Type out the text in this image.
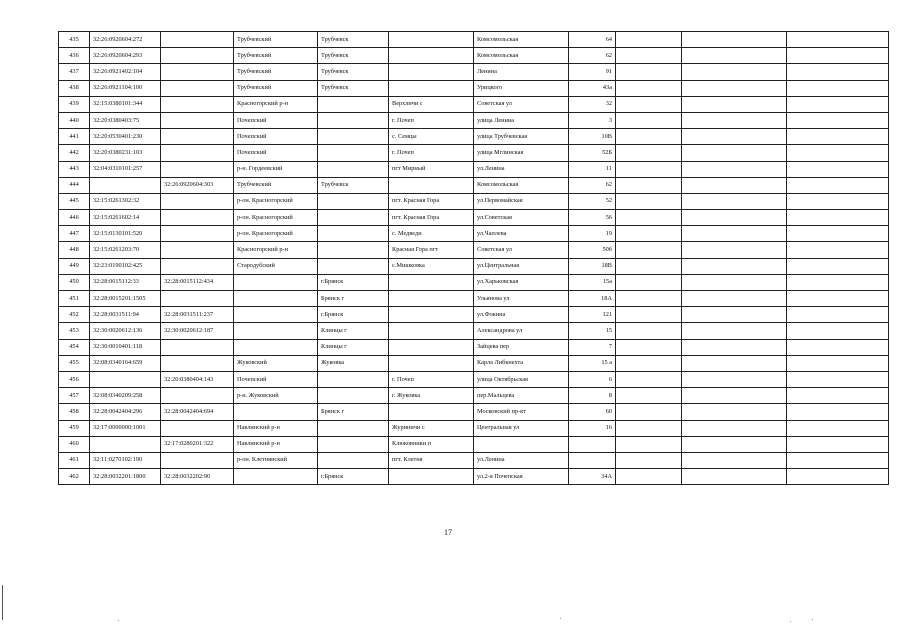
435	32:26:0920604:272		Трубчевский	Трубчевск		Комсомольская	64			
436	32:26:0920604:293		Трубчевский	Трубчевск		Комсомольская	62			
437	32:26:0921402:104		Трубчевский	Трубчевск		Ленина	91			
438	32:26:0921104:100		Трубчевский	Трубчевск		Урицкого	43а			
439	32:15:0380101:344		Красногорский р-н		Верхличи с	Советская ул	32			
440	32:20:0380403:75		Почепский		г. Почеп	улица Ленина	3			
441	32:20:0530401:230		Почепский		с. Семцы	улица Трубчевская	10В			
442	32:20:0380231:103		Почепский		г. Почеп	улица Мглинская	52Б			
443	32:04:0310101:257		р-н. Гордеевский		пгт Мирный	ул.Ленина	11			
444		32:26:0920604:303	Трубчевский	Трубчевск		Комсомольская	62			
445	32:15:0261302:32		р-он. Красногорский		пгт. Красная Гора	ул.Первомайская	52			
446	32:15:0261602:14		р-он. Красногорский		пгт. Красная Гора	ул.Советская	56			
447	32:15:0130101:520		р-он. Красногорский		с. Медведи	ул.Чаплева	19			
448	32:15:0261203:70		Красногорский р-н		Красная Гора пгт	Советская ул	50б			
449	32:23:0190102:425		Стародубский		с.Мишковка	ул.Центральная	18В			
450	32:28:0015112:33	32:28:0015112:434		г.Брянск		ул.Харьковская	15а			
451	32:28:0015201:1505			Брянск г		Ульянова ул	18А			
452	32:28:0031511:94	32:28:0031511:237		г.Брянск		ул.Фокина	121			
453	32:30:0020612:136	32:30:0020612:187		Клинцы г		Александрова ул	15			
454	32:30:0010401:118			Клинцы г		Зайцева пер	7			
455	32:08:0340164:659		Жуковский	Жуковка		Карла Либкнехта	15 а			
456		32:20:0380404:143	Почепский		г. Почеп	улица Октябрьская	6			
457	32:08:0340209:258		р-н. Жуковский		г. Жуковка	пер.Мальцева	8			
458	32:28:0042404:296	32:28:0042404:694		Брянск г		Московский пр-кт	60			
459	32:17:0000000:1001		Навлинский р-н		Журиничи с	Центральная ул	16			
460		32:17:0280201:322	Навлинский р-н		Клюковники п					
461	32:11:0270102:190		р-он. Клетнянский		пгт. Клетня	ул.Ленина				
462	32:28:0032201:1800	32:28:0032202:90		г.Брянск		ул.2-я Почепская	34А			
17
